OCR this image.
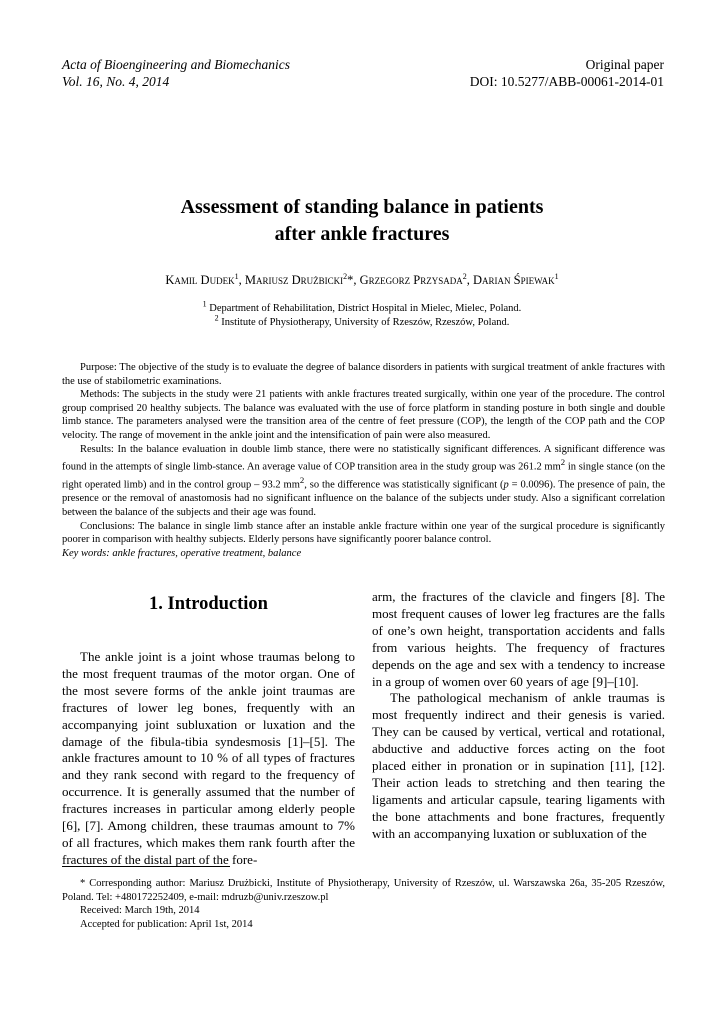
Acta of Bioengineering and Biomechanics
Vol. 16, No. 4, 2014
Original paper
DOI: 10.5277/ABB-00061-2014-01
Assessment of standing balance in patients
after ankle fractures
Kamil Dudek$^1$, Mariusz Drużbicki$^2$*, Grzegorz Przysada$^2$, Darian Śpiewak$^1$
$^1$ Department of Rehabilitation, District Hospital in Mielec, Mielec, Poland.
$^2$ Institute of Physiotherapy, University of Rzeszów, Rzeszów, Poland.

Purpose: The objective of the study is to evaluate the degree of balance disorders in patients with surgical treatment of ankle fractures with the use of stabilometric examinations.

Methods: The subjects in the study were 21 patients with ankle fractures treated surgically, within one year of the procedure. The control group comprised 20 healthy subjects. The balance was evaluated with the use of force platform in standing posture in both single and double limb stance. The parameters analysed were the transition area of the centre of feet pressure (COP), the length of the COP path and the COP velocity. The range of movement in the ankle joint and the intensification of pain were also measured.

Results: In the balance evaluation in double limb stance, there were no statistically significant differences. A significant difference was found in the attempts of single limb-stance. An average value of COP transition area in the study group was 261.2 $mm^2$ in single stance (on the right operated limb) and in the control group – 93.2 $mm^2$, so the difference was statistically significant (p = 0.0096). The presence of pain, the presence or the removal of anastomosis had no significant influence on the balance of the subjects under study. Also a significant correlation between the balance of the subjects and their age was found.

Conclusions: The balance in single limb stance after an instable ankle fracture within one year of the surgical procedure is significantly poorer in comparison with healthy subjects. Elderly persons have significantly poorer balance control.

Key words: ankle fractures, operative treatment, balance
1. Introduction

The ankle joint is a joint whose traumas belong to the most frequent traumas of the motor organ. One of the most severe forms of the ankle joint traumas are fractures of lower leg bones, frequently with an accompanying joint subluxation or luxation and the damage of the fibula-tibia syndesmosis [1]–[5]. The ankle fractures amount to 10 % of all types of fractures and they rank second with regard to the frequency of occurrence. It is generally assumed that the number of fractures increases in particular among elderly people [6], [7]. Among children, these traumas amount to 7% of all fractures, which makes them rank fourth after the fractures of the distal part of the fore-

arm, the fractures of the clavicle and fingers [8]. The most frequent causes of lower leg fractures are the falls of one’s own height, transportation accidents and falls from various heights. The frequency of fractures depends on the age and sex with a tendency to increase in a group of women over 60 years of age [9]–[10].

The pathological mechanism of ankle traumas is most frequently indirect and their genesis is varied. They can be caused by vertical, vertical and rotational, abductive and adductive forces acting on the foot placed either in pronation or in supination [11], [12]. Their action leads to stretching and then tearing the ligaments and articular capsule, tearing ligaments with the bone attachments and bone fractures, frequently with an accompanying luxation or subluxation of the

* Corresponding author: Mariusz Drużbicki, Institute of Physiotherapy, University of Rzeszów, ul. Warszawska 26a, 35-205 Rzeszów, Poland. Tel: +480172252409, e-mail: mdruzb@univ.rzeszow.pl

Received: March 19th, 2014
Accepted for publication: April 1st, 2014
